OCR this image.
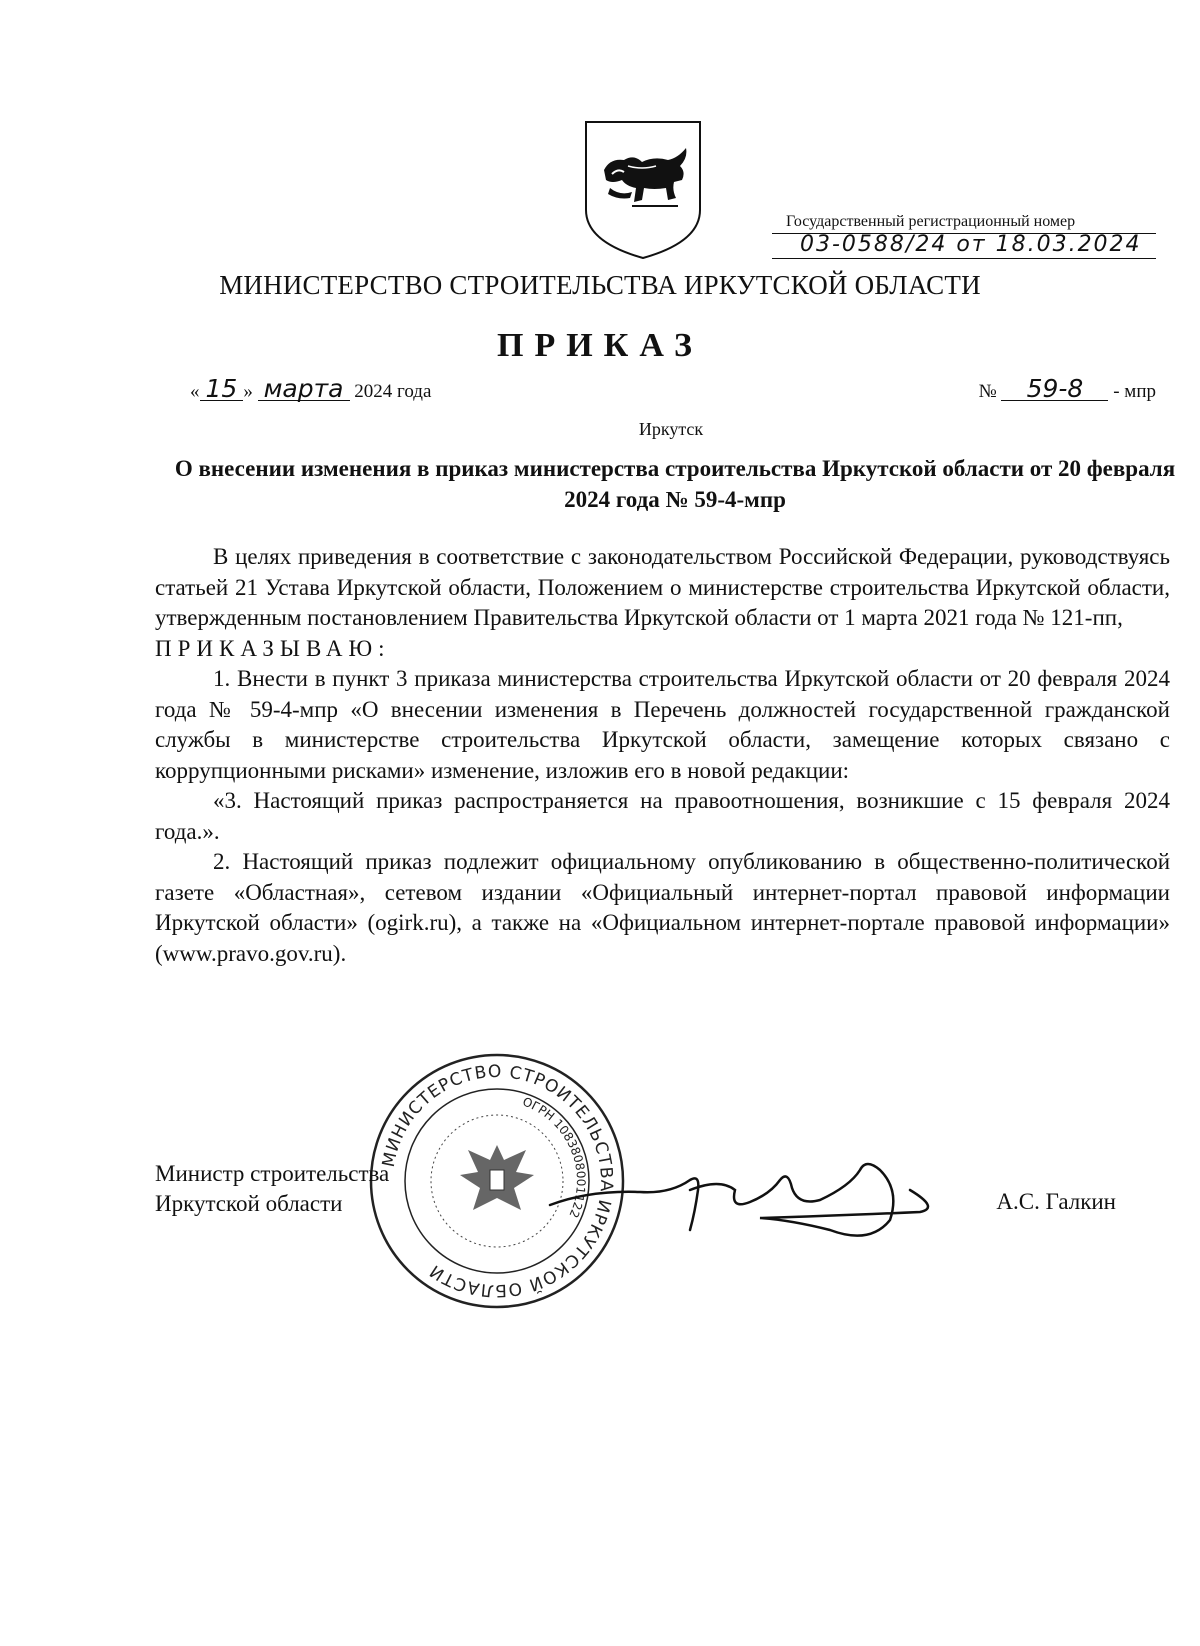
Государственный регистрационный номер
03-0588/24 от 18.03.2024
МИНИСТЕРСТВО СТРОИТЕЛЬСТВА ИРКУТСКОЙ ОБЛАСТИ
ПРИКАЗ
« 15 » марта 2024 года	№ 59-8 - мпр
Иркутск
О внесении изменения в приказ министерства строительства Иркутской области от 20 февраля 2024 года № 59-4-мпр

В целях приведения в соответствие с законодательством Российской Федерации, руководствуясь статьей 21 Устава Иркутской области, Положением о министерстве строительства Иркутской области, утвержденным постановлением Правительства Иркутской области от 1 марта 2021 года № 121-пп,

ПРИКАЗЫВАЮ:

1. Внести в пункт 3 приказа министерства строительства Иркутской области от 20 февраля 2024 года № 59-4-мпр «О внесении изменения в Перечень должностей государственной гражданской службы в министерстве строительства Иркутской области, замещение которых связано с коррупционными рисками» изменение, изложив его в новой редакции:

«3. Настоящий приказ распространяется на правоотношения, возникшие с 15 февраля 2024 года.».

2. Настоящий приказ подлежит официальному опубликованию в общественно-политической газете «Областная», сетевом издании «Официальный интернет-портал правовой информации Иркутской области» (ogirk.ru), а также на «Официальном интернет-портале правовой информации» (www.pravo.gov.ru).

МИНИСТЕРСТВО СТРОИТЕЛЬСТВА ИРКУТСКОЙ ОБЛАСТИ
ОГРН 1083808001122
Министр строительства
Иркутской области	А.С. Галкин
